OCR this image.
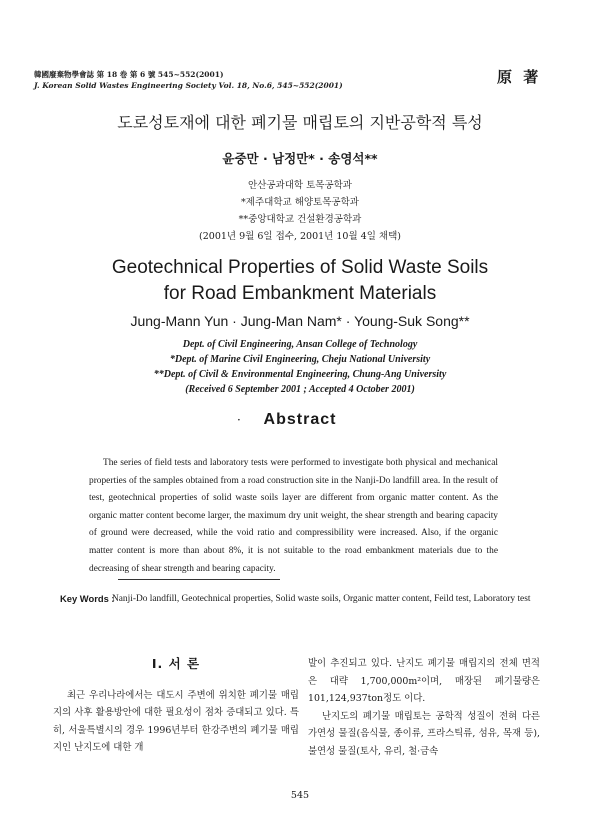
韓國廢棄物學會誌 第 18 卷 第 6 號 545~552(2001)
J. Korean Solid Wastes Engineering Society Vol. 18, No.6, 545~552(2001)	原 著
도로성토재에 대한 폐기물 매립토의 지반공학적 특성
윤중만 · 남정만* · 송영석**
안산공과대학 토목공학과
*제주대학교 해양토목공학과
**중앙대학교 건설환경공학과
(2001년 9월 6일 접수, 2001년 10월 4일 채택)
Geotechnical Properties of Solid Waste Soils
for Road Embankment Materials
Jung-Mann Yun · Jung-Man Nam* · Young-Suk Song**
Dept. of Civil Engineering, Ansan College of Technology
*Dept. of Marine Civil Engineering, Cheju National University
**Dept. of Civil & Environmental Engineering, Chung-Ang University
(Received 6 September 2001 ; Accepted 4 October 2001)
·	Abstract
The series of field tests and laboratory tests were performed to investigate both physical and mechanical properties of the samples obtained from a road construction site in the Nanji-Do landfill area. In the result of test, geotechnical properties of solid waste soils layer are different from organic matter content. As the organic matter content become larger, the maximum dry unit weight, the shear strength and bearing capacity of ground were decreased, while the void ratio and compressibility were increased. Also, if the organic matter content is more than about 8%, it is not suitable to the road embankment materials due to the decreasing of shear strength and bearing capacity.
Key Words :
Nanji-Do landfill, Geotechnical properties, Solid waste soils, Organic matter content, Feild test, Laboratory test
Ⅰ. 서 론

최근 우리나라에서는 대도시 주변에 위치한 폐기물 매립지의 사후 활용방안에 대한 필요성이 점차 증대되고 있다. 특히, 서울특별시의 경우 1996년부터 한강주변의 폐기물 매립지인 난지도에 대한 개

발이 추진되고 있다. 난지도 폐기물 매립지의 전체 면적은 대략 1,700,000m²이며, 매장된 폐기물량은 101,124,937ton정도 이다.

난지도의 폐기물 매립토는 공학적 성질이 전혀 다른 가연성 물질(음식물, 종이류, 프라스틱류, 섬유, 목재 등), 불연성 물질(토사, 유리, 철·금속

545
